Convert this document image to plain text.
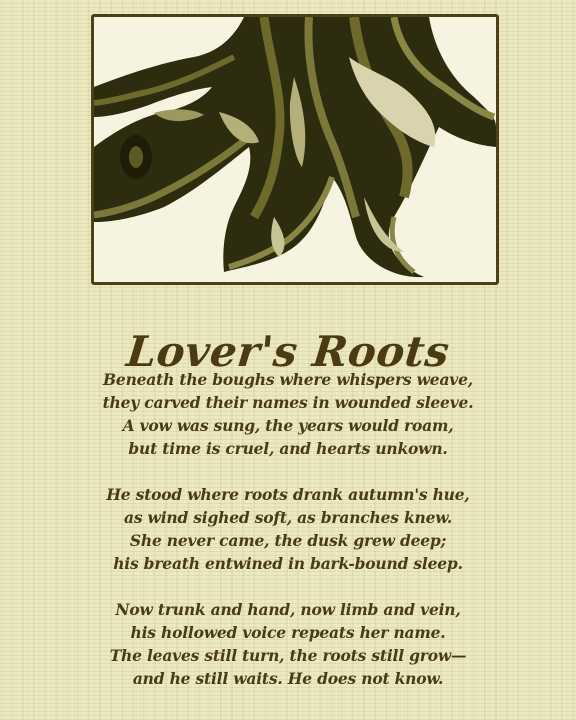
Lover's Roots
Beneath the boughs where whispers weave,
they carved their names in wounded sleeve.
A vow was sung, the years would roam,
but time is cruel, and hearts unkown.
He stood where roots drank autumn's hue,
as wind sighed soft, as branches knew.
She never came, the dusk grew deep;
his breath entwined in bark-bound sleep.
Now trunk and hand, now limb and vein,
his hollowed voice repeats her name.
The leaves still turn, the roots still grow—
and he still waits. He does not know.
